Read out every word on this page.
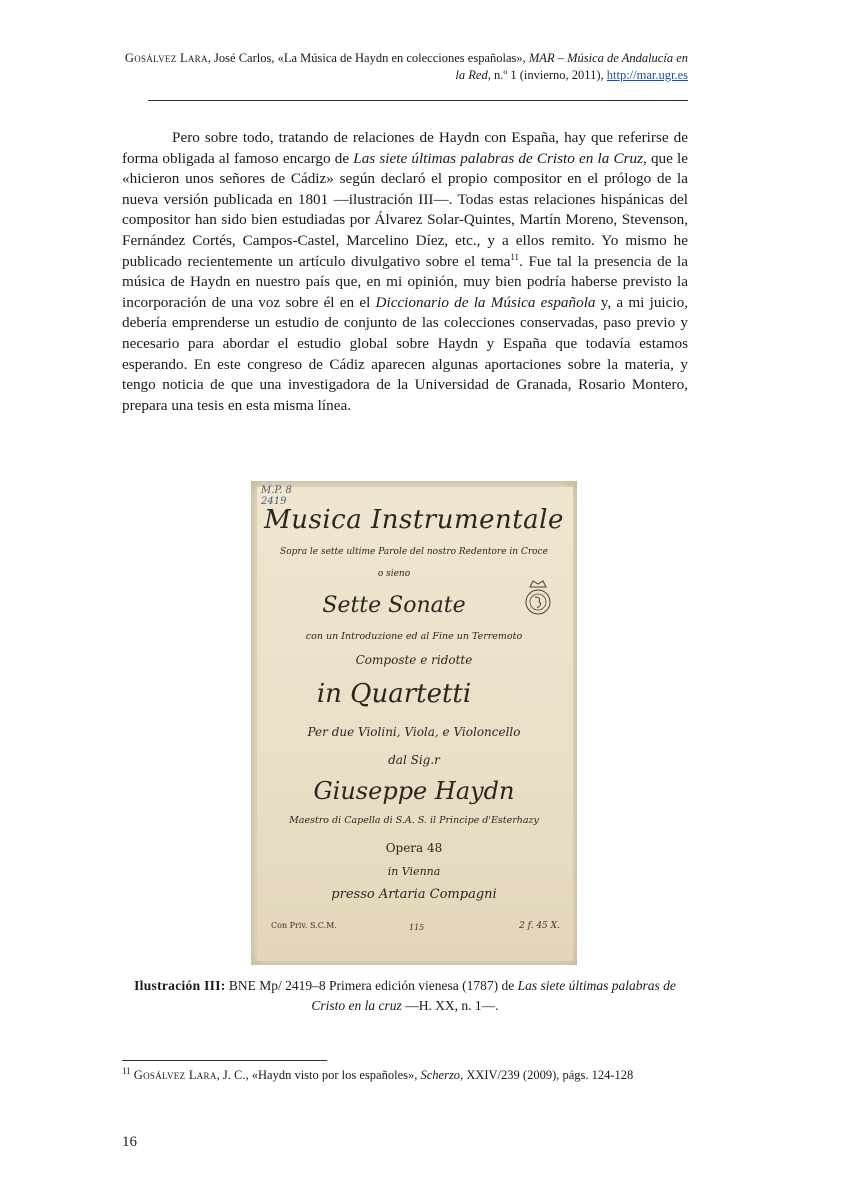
Gosálvez Lara, José Carlos, «La Música de Haydn en colecciones españolas», MAR – Música de Andalucía en la Red, n.º 1 (invierno, 2011), http://mar.ugr.es

Pero sobre todo, tratando de relaciones de Haydn con España, hay que referirse de forma obligada al famoso encargo de Las siete últimas palabras de Cristo en la Cruz, que le «hicieron unos señores de Cádiz» según declaró el propio compositor en el prólogo de la nueva versión publicada en 1801 —ilustración III—. Todas estas relaciones hispánicas del compositor han sido bien estudiadas por Álvarez Solar-Quintes, Martín Moreno, Stevenson, Fernández Cortés, Campos-Castel, Marcelino Díez, etc., y a ellos remito. Yo mismo he publicado recientemente un artículo divulgativo sobre el tema$^{11}$. Fue tal la presencia de la música de Haydn en nuestro país que, en mi opinión, muy bien podría haberse previsto la incorporación de una voz sobre él en el Diccionario de la Música española y, a mi juicio, debería emprenderse un estudio de conjunto de las colecciones conservadas, paso previo y necesario para abordar el estudio global sobre Haydn y España que todavía estamos esperando. En este congreso de Cádiz aparecen algunas aportaciones sobre la materia, y tengo noticia de que una investigadora de la Universidad de Granada, Rosario Montero, prepara una tesis en esta misma línea.

M.P. 8
2419
Musica Instrumentale
Sopra le sette ultime Parole del nostro Redentore in Croce
o sieno
Sette Sonate
con un Introduzione ed al Fine un Terremoto
Composte e ridotte
in Quartetti
Per due Violini, Viola, e Violoncello
dal Sig.r
Giuseppe Haydn
Maestro di Capella di S.A. S. il Principe d'Esterhazy
Opera 48
in Vienna
presso Artaria Compagni
Con Priv. S.C.M.	115	2 f. 45 X.
Ilustración III: BNE Mp/ 2419–8 Primera edición vienesa (1787) de Las siete últimas palabras de Cristo en la cruz —H. XX, n. 1—.
$^{11}$ Gosálvez Lara, J. C., «Haydn visto por los españoles», Scherzo, XXIV/239 (2009), págs. 124-128
16
